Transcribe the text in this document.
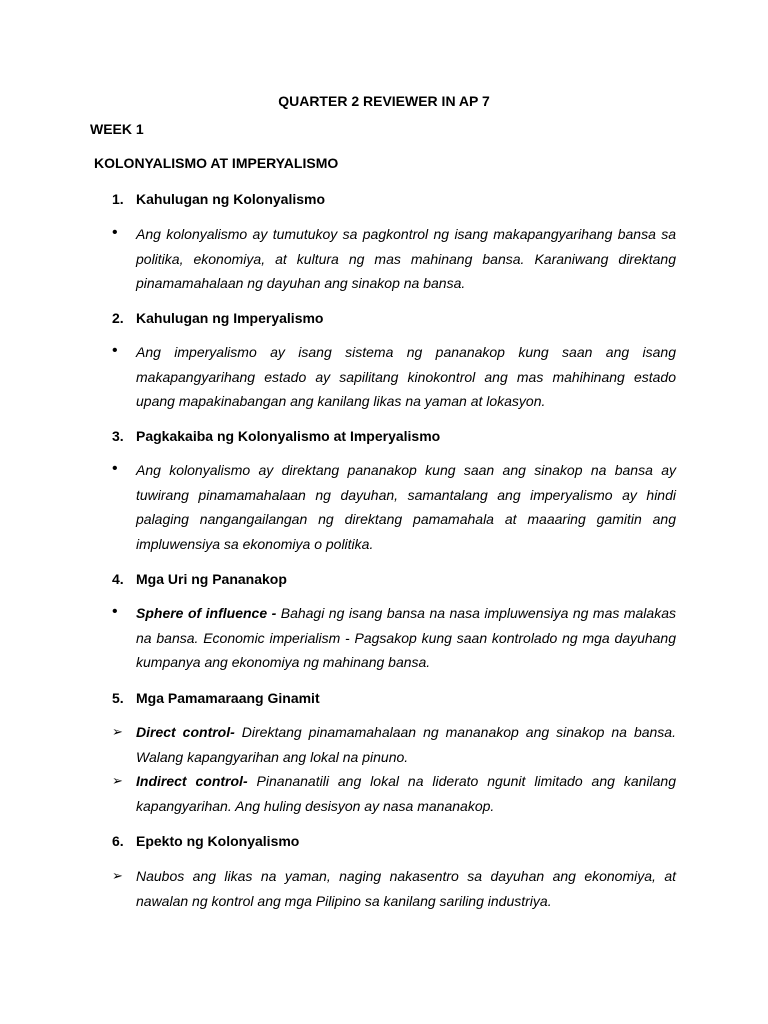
QUARTER 2 REVIEWER IN AP 7
WEEK 1
KOLONYALISMO AT IMPERYALISMO
1. Kahulugan ng Kolonyalismo
•	Ang kolonyalismo ay tumutukoy sa pagkontrol ng isang makapangyarihang bansa sa politika, ekonomiya, at kultura ng mas mahinang bansa. Karaniwang direktang pinamamahalaan ng dayuhan ang sinakop na bansa.
2. Kahulugan ng Imperyalismo
•	Ang imperyalismo ay isang sistema ng pananakop kung saan ang isang makapangyarihang estado ay sapilitang kinokontrol ang mas mahihinang estado upang mapakinabangan ang kanilang likas na yaman at lokasyon.
3. Pagkakaiba ng Kolonyalismo at Imperyalismo
•	Ang kolonyalismo ay direktang pananakop kung saan ang sinakop na bansa ay tuwirang pinamamahalaan ng dayuhan, samantalang ang imperyalismo ay hindi palaging nangangailangan ng direktang pamamahala at maaaring gamitin ang impluwensiya sa ekonomiya o politika.
4. Mga Uri ng Pananakop
•	Sphere of influence - Bahagi ng isang bansa na nasa impluwensiya ng mas malakas na bansa. Economic imperialism - Pagsakop kung saan kontrolado ng mga dayuhang kumpanya ang ekonomiya ng mahinang bansa.
5. Mga Pamamaraang Ginamit
➢ Direct control- Direktang pinamamahalaan ng mananakop ang sinakop na bansa. Walang kapangyarihan ang lokal na pinuno.
➢ Indirect control- Pinananatili ang lokal na liderato ngunit limitado ang kanilang kapangyarihan. Ang huling desisyon ay nasa mananakop.
6. Epekto ng Kolonyalismo
➢ Naubos ang likas na yaman, naging nakasentro sa dayuhan ang ekonomiya, at nawalan ng kontrol ang mga Pilipino sa kanilang sariling industriya.
